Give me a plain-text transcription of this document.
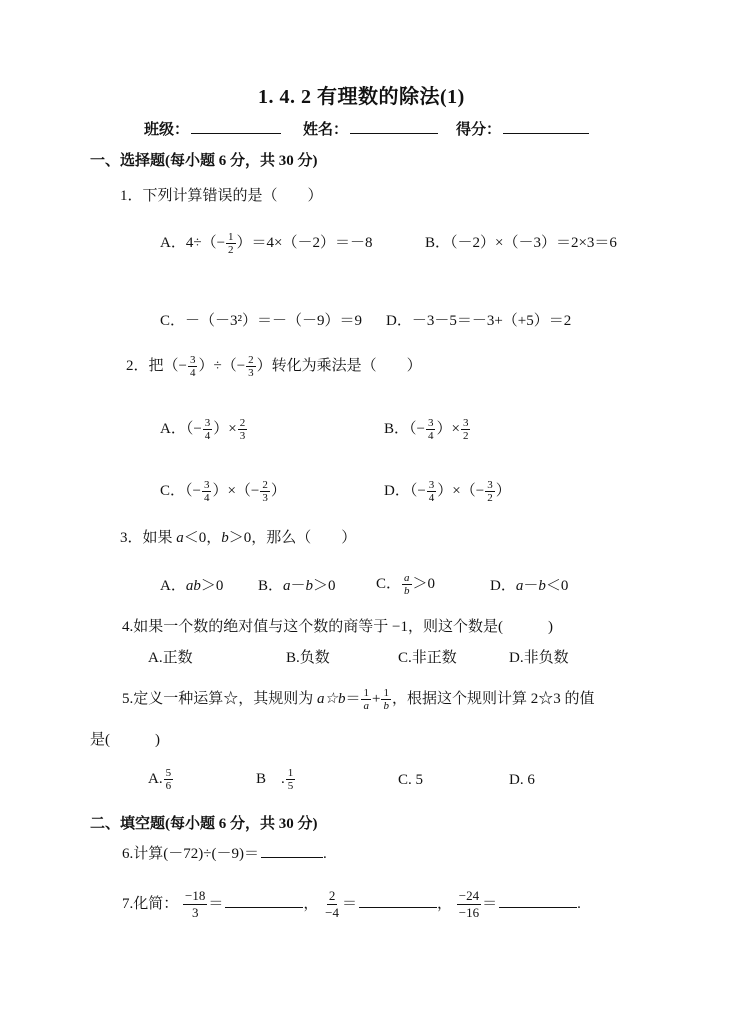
1. 4. 2 有理数的除法(1)
班级：	姓名：	得分：
一、选择题(每小题 6 分，共 30 分)
1．下列计算错误的是（　　）
A．$4\div(- \frac{1}{2} )=4\times(-2)=-8$	B．（－2）×（－3）＝2×3＝6
C．－（－3²）＝－（－9）＝9 D．－3－5＝－3+（+5）＝2
2．把（− $\frac{3}{4}$ ）÷（− $\frac{2}{3}$ ）转化为乘法是（　　）
A．（− $\frac{3}{4}$ ）× $\frac{2}{3}$	B．（− $\frac{3}{4}$ ）× $\frac{3}{2}$
C．（− $\frac{3}{4}$ ）×（− $\frac{2}{3}$ ）	D．（− $\frac{3}{4}$ ）×（− $\frac{3}{2}$ ）
3．如果 a＜0，b＞0，那么（　　）
A．ab＞0 B．a－b＞0	C． $\frac{a}{b} >0$	D．a－b＜0
4.如果一个数的绝对值与这个数的商等于 −1，则这个数是(　　　)
A.正数	B.负数	C.非正数	D.非负数
5.定义一种运算☆，其规则为 a☆b＝ $\frac{1}{a} + \frac{1}{b}$ ，根据这个规则计算 2☆3 的值
是(　　　)
A. $\frac{5}{6}$	B　. $\frac{1}{5}$	C. 5	D. 6
二、填空题(每小题 6 分，共 30 分)
6.计算(－72)÷(－9)＝	.
7.化简： $\frac{-18}{3}$ ＝	， $\frac{2}{-4}$ ＝	， $\frac{-24}{-16}$ ＝	.
